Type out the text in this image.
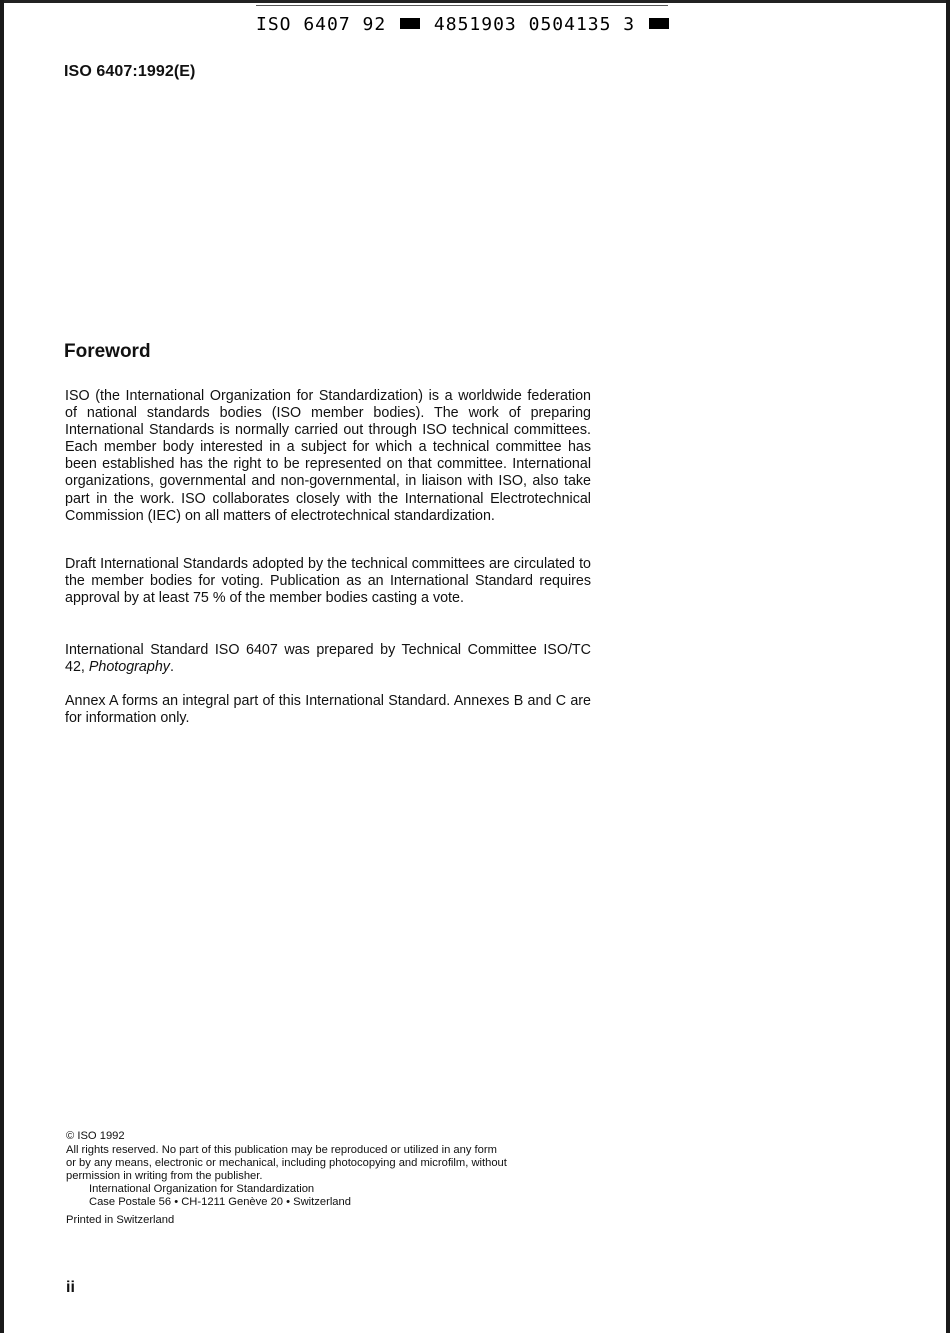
ISO 6407 92	4851903 0504135 3
ISO 6407:1992(E)
Foreword

ISO (the International Organization for Standardization) is a worldwide federation of national standards bodies (ISO member bodies). The work of preparing International Standards is normally carried out through ISO technical committees. Each member body interested in a subject for which a technical committee has been established has the right to be represented on that committee. International organizations, governmental and non-governmental, in liaison with ISO, also take part in the work. ISO collaborates closely with the International Electrotechnical Commission (IEC) on all matters of electrotechnical standardization.

Draft International Standards adopted by the technical committees are circulated to the member bodies for voting. Publication as an International Standard requires approval by at least 75 % of the member bodies casting a vote.

International Standard ISO 6407 was prepared by Technical Committee ISO/TC 42, Photography.

Annex A forms an integral part of this International Standard. Annexes B and C are for information only.

© ISO 1992
All rights reserved. No part of this publication may be reproduced or utilized in any form
or by any means, electronic or mechanical, including photocopying and microfilm, without
permission in writing from the publisher.
International Organization for Standardization
Case Postale 56 • CH-1211 Genève 20 • Switzerland
Printed in Switzerland
ii
